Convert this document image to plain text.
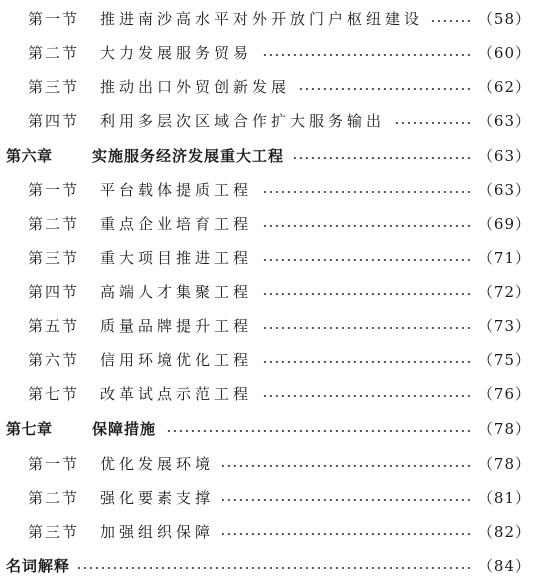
第一节	推进南沙高水平对外开放门户枢纽建设	（58）
第二节	大力发展服务贸易	（60）
第三节	推动出口外贸创新发展	（62）
第四节	利用多层次区域合作扩大服务输出	（63）
第六章	实施服务经济发展重大工程	（63）
第一节	平台载体提质工程	（63）
第二节	重点企业培育工程	（69）
第三节	重大项目推进工程	（71）
第四节	高端人才集聚工程	（72）
第五节	质量品牌提升工程	（73）
第六节	信用环境优化工程	（75）
第七节	改革试点示范工程	（76）
第七章	保障措施	（78）
第一节	优化发展环境	（78）
第二节	强化要素支撑	（81）
第三节	加强组织保障	（82）
名词解释	（84）
